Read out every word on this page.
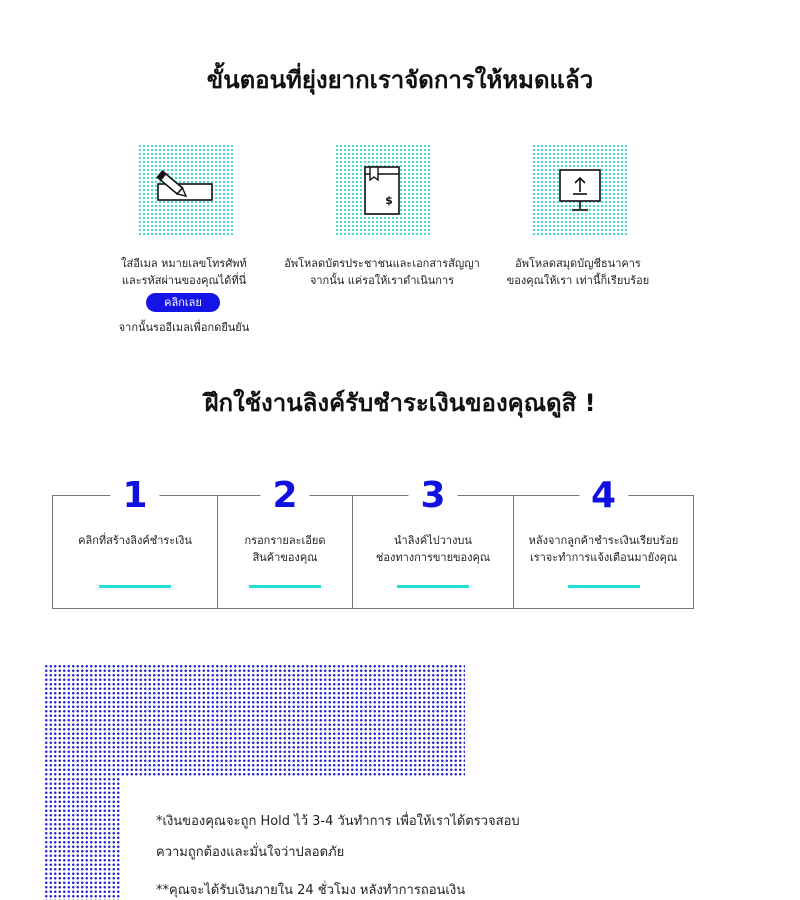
ขั้นตอนที่ยุ่งยากเราจัดการให้หมดแล้ว
$
ใส่อีเมล หมายเลขโทรศัพท์
และรหัสผ่านของคุณได้ที่นี่
คลิกเลย
จากนั้นรออีเมลเพื่อกดยืนยัน
อัพโหลดบัตรประชาชนและเอกสารสัญญา
จากนั้น แค่รอให้เราดำเนินการ
อัพโหลดสมุดบัญชีธนาคาร
ของคุณให้เรา เท่านี้ก็เรียบร้อย
ฝึกใช้งานลิงค์รับชำระเงินของคุณดูสิ !
1
คลิกที่สร้างลิงค์ชำระเงิน
2
กรอกรายละเอียด
สินค้าของคุณ
3
นำลิงค์ไปวางบน
ช่องทางการขายของคุณ
4
หลังจากลูกค้าชำระเงินเรียบร้อย
เราจะทำการแจ้งเตือนมายังคุณ
*เงินของคุณจะถูก Hold ไว้ 3-4 วันทำการ เพื่อให้เราได้ตรวจสอบ
ความถูกต้องและมั่นใจว่าปลอดภัย
**คุณจะได้รับเงินภายใน 24 ชั่วโมง หลังทำการถอนเงิน
